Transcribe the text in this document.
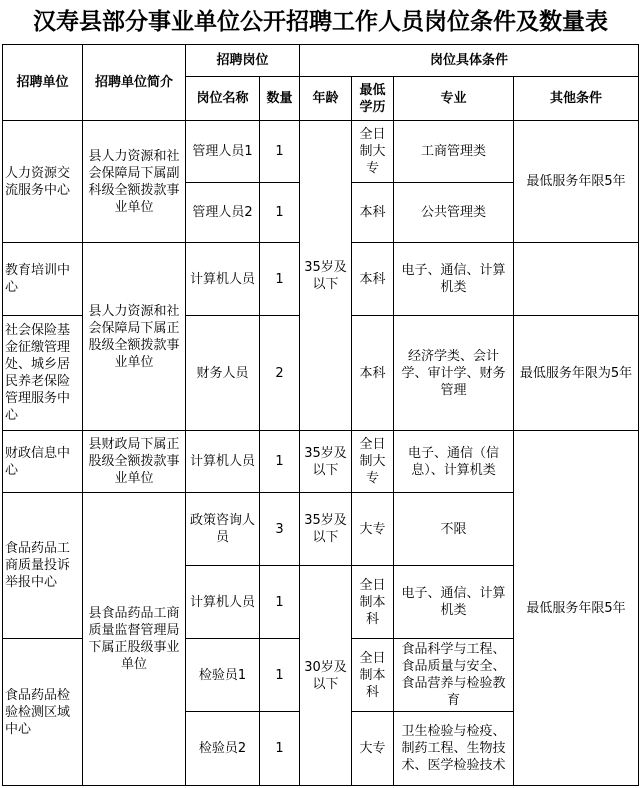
汉寿县部分事业单位公开招聘工作人员岗位条件及数量表
招聘单位	招聘单位简介	招聘岗位		岗位具体条件			
		岗位名称	数量	年龄	最低学历	专业	其他条件
人力资源交流服务中心	县人力资源和社会保障局下属副科级全额拨款事业单位	管理人员1	1	35岁及以下	全日制大专	工商管理类	最低服务年限5年
		管理人员2	1		本科	公共管理类	
教育培训中心	县人力资源和社会保障局下属正股级全额拨款事业单位	计算机人员	1		本科	电子、通信、计算机类	
社会保险基金征缴管理处、城乡居民养老保险管理服务中心		财务人员	2		本科	经济学类、会计学、审计学、财务管理	最低服务年限为5年
财政信息中心	县财政局下属正股级全额拨款事业单位	计算机人员	1	35岁及以下	全日制大专	电子、通信（信息）、计算机类	最低服务年限5年
食品药品工商质量投诉举报中心	县食品药品工商质量监督管理局下属正股级事业单位	政策咨询人员	3	35岁及以下	大专	不限	
		计算机人员	1	30岁及以下	全日制本科	电子、通信、计算机类	
食品药品检验检测区域中心		检验员1	1		全日制本科	食品科学与工程、食品质量与安全、食品营养与检验教育	
		检验员2	1		大专	卫生检验与检疫、制药工程、生物技术、医学检验技术	
